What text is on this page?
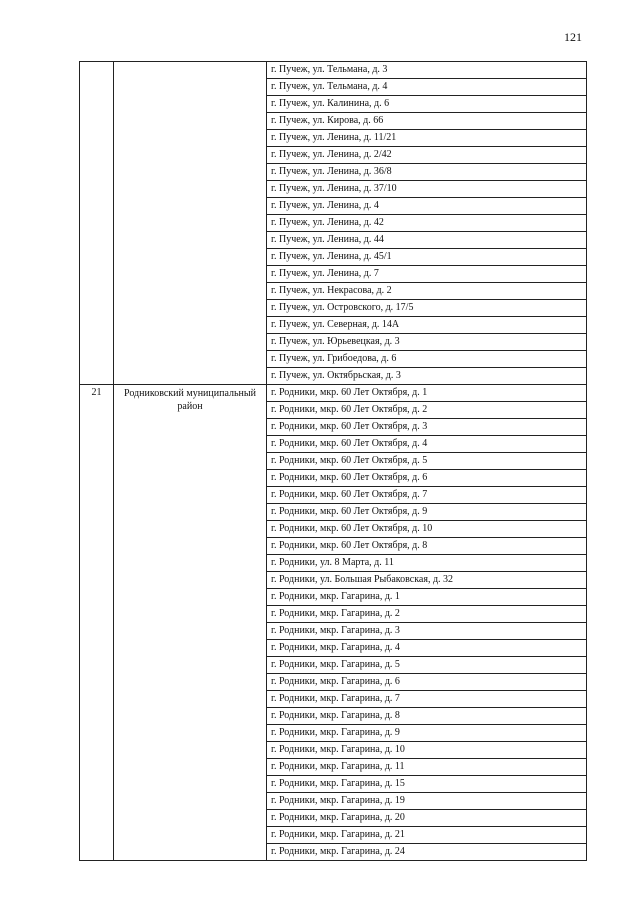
121
		г. Пучеж, ул. Тельмана, д. 3
		г. Пучеж, ул. Тельмана, д. 4
		г. Пучеж, ул. Калинина, д. 6
		г. Пучеж, ул. Кирова, д. 66
		г. Пучеж, ул. Ленина, д. 11/21
		г. Пучеж, ул. Ленина, д. 2/42
		г. Пучеж, ул. Ленина, д. 36/8
		г. Пучеж, ул. Ленина, д. 37/10
		г. Пучеж, ул. Ленина, д. 4
		г. Пучеж, ул. Ленина, д. 42
		г. Пучеж, ул. Ленина, д. 44
		г. Пучеж, ул. Ленина, д. 45/1
		г. Пучеж, ул. Ленина, д. 7
		г. Пучеж, ул. Некрасова, д. 2
		г. Пучеж, ул. Островского, д. 17/5
		г. Пучеж, ул. Северная, д. 14А
		г. Пучеж, ул. Юрьевецкая, д. 3
		г. Пучеж, ул. Грибоедова, д. 6
		г. Пучеж, ул. Октябрьская, д. 3
21	Родниковский муниципальный район	г. Родники, мкр. 60 Лет Октября, д. 1
		г. Родники, мкр. 60 Лет Октября, д. 2
		г. Родники, мкр. 60 Лет Октября, д. 3
		г. Родники, мкр. 60 Лет Октября, д. 4
		г. Родники, мкр. 60 Лет Октября, д. 5
		г. Родники, мкр. 60 Лет Октября, д. 6
		г. Родники, мкр. 60 Лет Октября, д. 7
		г. Родники, мкр. 60 Лет Октября, д. 9
		г. Родники, мкр. 60 Лет Октября, д. 10
		г. Родники, мкр. 60 Лет Октября, д. 8
		г. Родники, ул. 8 Марта, д. 11
		г. Родники, ул. Большая Рыбаковская, д. 32
		г. Родники, мкр. Гагарина, д. 1
		г. Родники, мкр. Гагарина, д. 2
		г. Родники, мкр. Гагарина, д. 3
		г. Родники, мкр. Гагарина, д. 4
		г. Родники, мкр. Гагарина, д. 5
		г. Родники, мкр. Гагарина, д. 6
		г. Родники, мкр. Гагарина, д. 7
		г. Родники, мкр. Гагарина, д. 8
		г. Родники, мкр. Гагарина, д. 9
		г. Родники, мкр. Гагарина, д. 10
		г. Родники, мкр. Гагарина, д. 11
		г. Родники, мкр. Гагарина, д. 15
		г. Родники, мкр. Гагарина, д. 19
		г. Родники, мкр. Гагарина, д. 20
		г. Родники, мкр. Гагарина, д. 21
		г. Родники, мкр. Гагарина, д. 24
